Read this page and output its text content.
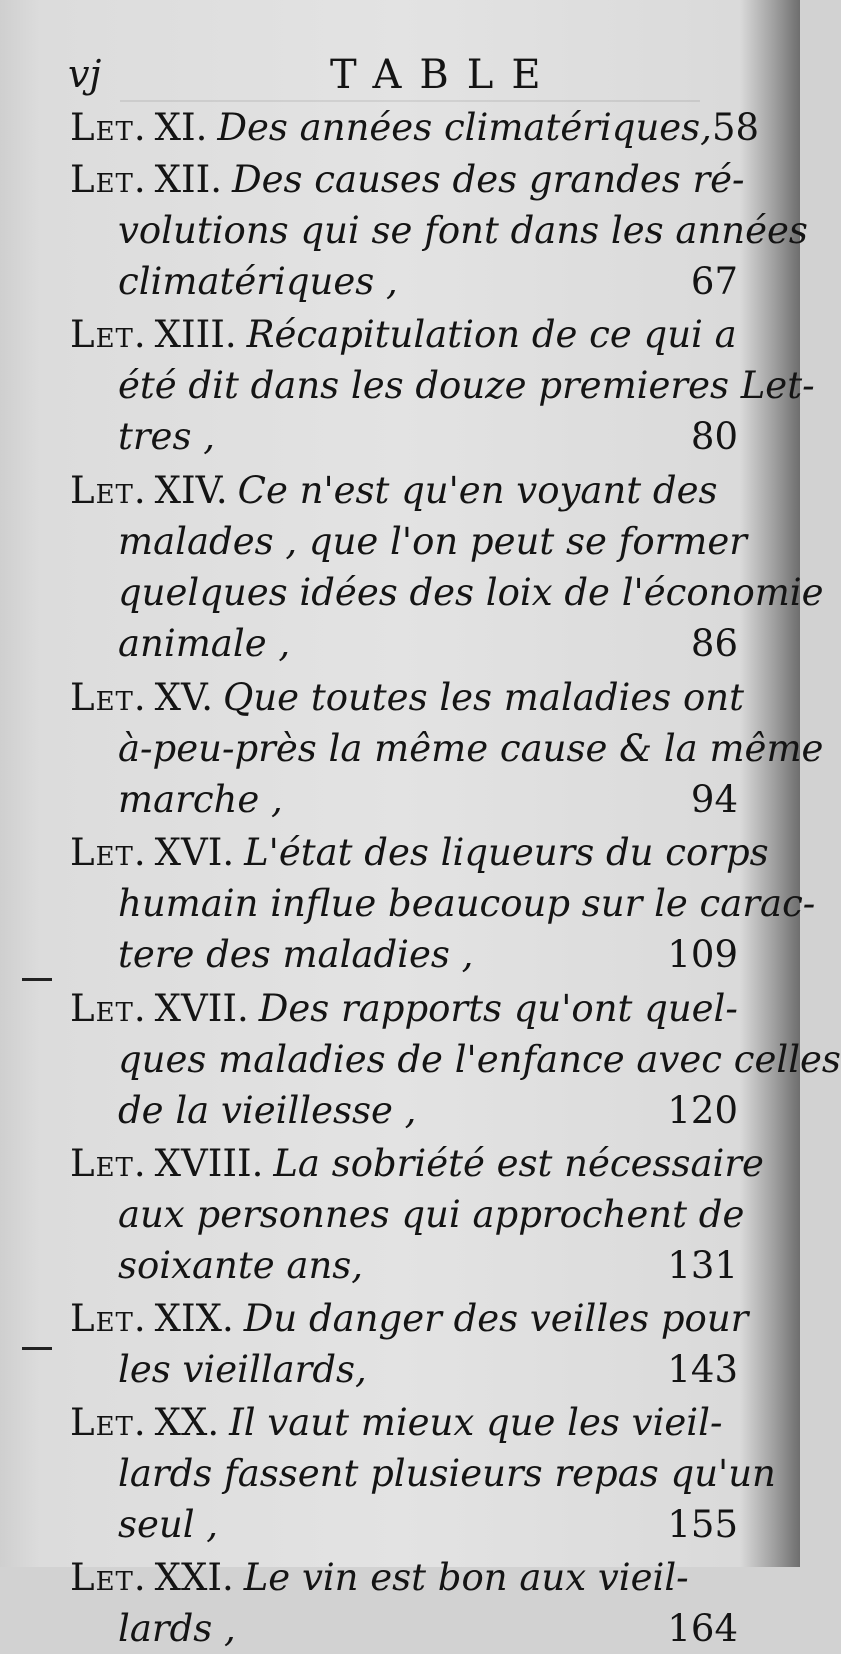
vj	TABLE
Let. XI. Des années climatériques, 58
Let. XII. Des causes des grandes ré-
volutions qui se font dans les années
climatériques ,	67
Let. XIII. Récapitulation de ce qui a
été dit dans les douze premieres Let-
tres ,	80
Let. XIV. Ce n'est qu'en voyant des
malades , que l'on peut se former
quelques idées des loix de l'économie
animale ,	86
Let. XV. Que toutes les maladies ont
à-peu-près la même cause & la même
marche ,	94
Let. XVI. L'état des liqueurs du corps
humain influe beaucoup sur le carac-
tere des maladies ,	109
Let. XVII. Des rapports qu'ont quel-
ques maladies de l'enfance avec celles
de la vieillesse ,	120
Let. XVIII. La sobriété est nécessaire
aux personnes qui approchent de
soixante ans,	131
Let. XIX. Du danger des veilles pour
les vieillards,	143
Let. XX. Il vaut mieux que les vieil-
lards fassent plusieurs repas qu'un
seul ,	155
Let. XXI. Le vin est bon aux vieil-
lards ,	164
